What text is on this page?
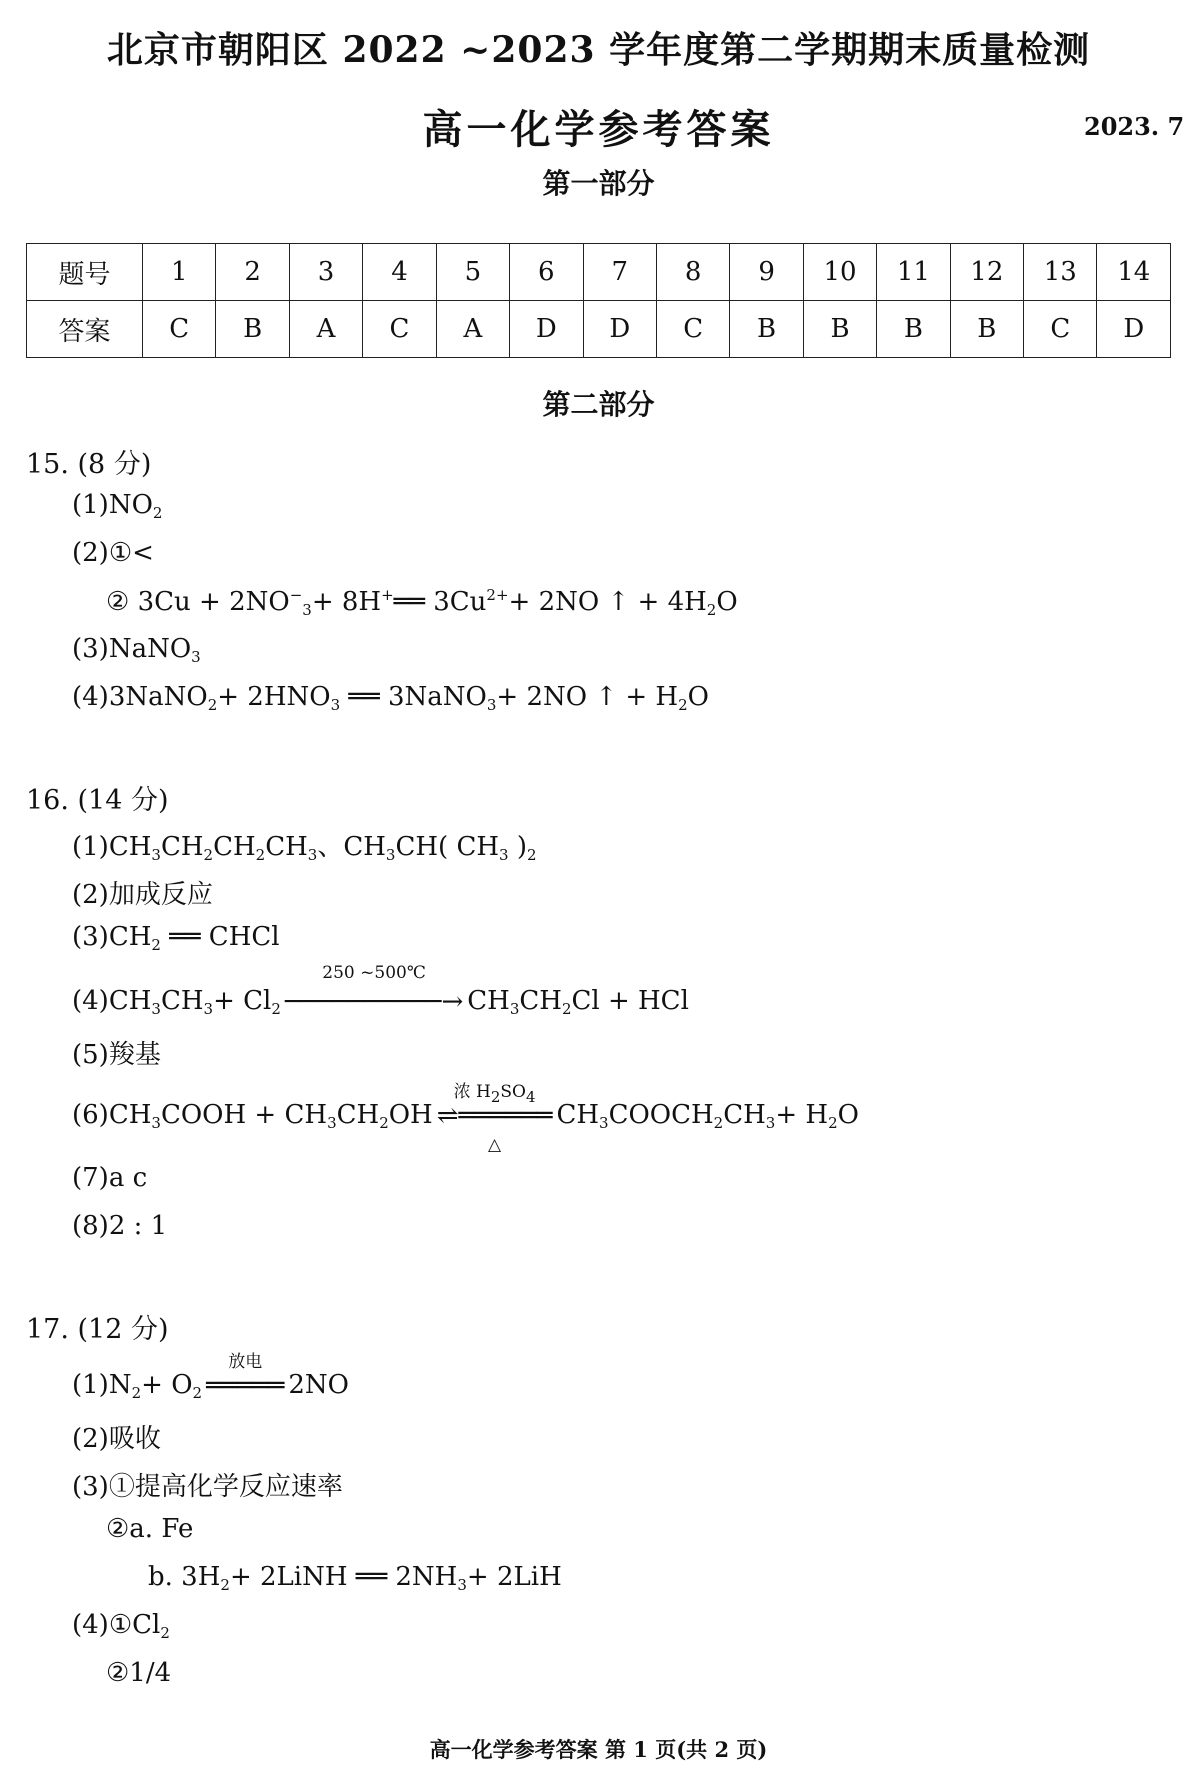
北京市朝阳区 2022 ~2023 学年度第二学期期末质量检测
高一化学参考答案	2023. 7
第一部分
题号	1	2	3	4	5	6	7	8	9	10	11	12	13	14
答案	C	B	A	C	A	D	D	C	B	B	B	B	C	D
第二部分
15. (8 分)
$(1)NO_2$
(2)①<
② $3Cu + 2NO^-_3+$ 8H+══ $3Cu^{2+}+ 2NO$ ↑ + $4H_2O$
(3)NaNO$_3$
(4)3NaNO$_2$+ $2HNO_3$ ══ 3NaNO$_3$+ 2NO ↑ + $H_2O$
16. (14 分)
$(1)CH_3CH_2CH_2CH_3$、$CH_3CH$( $CH_3$ )$_2$
(2)加成反应
$(3)CH_2$ ══ CHCl
$(4)CH_3CH_3+ Cl_2$
250 ~500℃
──────────→ $CH_3CH_2Cl$ + HCl
(5)羧基
$(6)CH_3COOH + CH_3CH_2OH$
浓 $H_2SO_4$
△
⇌══════ $CH_3COOCH_2CH_3+ H_2O$
(7)a c
(8)2 : 1
17. (12 分)
$(1)N_2+ O_2$
放电
═════ 2NO
(2)吸收
(3)①提高化学反应速率
②a. Fe
b. $3H_2+$ 2LiNH ══ $2NH_3+ 2LiH$
$(4)①Cl_2$
②1/4
高一化学参考答案 第 1 页(共 2 页)
